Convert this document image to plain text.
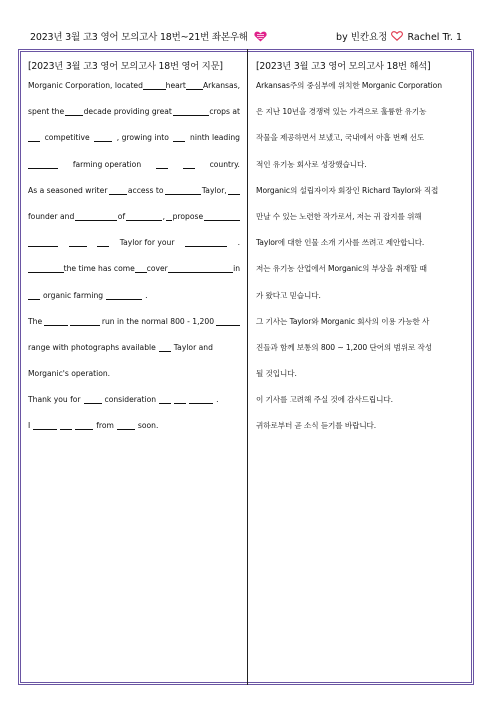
2023년 3월 고3 영어 모의고사 18번~21번 좌본우해	by 빈칸요정 Rachel Tr. 1
[2023년 3월 고3 영어 모의고사 18번 영어 지문]
Morganic Corporation, located	heart Arkansas,
spent the	decade providing great	crops at
competitive	, growing into	ninth leading
farming operation	country.
As a seasoned writer	access to	Taylor,
founder and	of	, propose
Taylor for your	.
the time has come cover	in
organic farming	.
The	run in the normal 800 - 1,200
range with photographs available Taylor and
Morganic's operation.
Thank you for	consideration	.
I	from	soon.
[2023년 3월 고3 영어 모의고사 18번 해석]
Arkansas주의 중심부에 위치한 Morganic Corporation
은 지난 10년을 경쟁력 있는 가격으로 훌륭한 유기농
작물을 제공하면서 보냈고, 국내에서 아홉 번째 선도
적인 유기농 회사로 성장했습니다.
Morganic의 설립자이자 회장인 Richard Taylor와 직접
만날 수 있는 노련한 작가로서, 저는 귀 잡지를 위해
Taylor에 대한 인물 소개 기사를 쓰려고 제안합니다.
저는 유기농 산업에서 Morganic의 부상을 취재할 때
가 왔다고 믿습니다.
그 기사는 Taylor와 Morganic 회사의 이용 가능한 사
진들과 함께 보통의 800 ~ 1,200 단어의 범위로 작성
될 것입니다.
이 기사를 고려해 주실 것에 감사드립니다.
귀하로부터 곧 소식 듣기를 바랍니다.
